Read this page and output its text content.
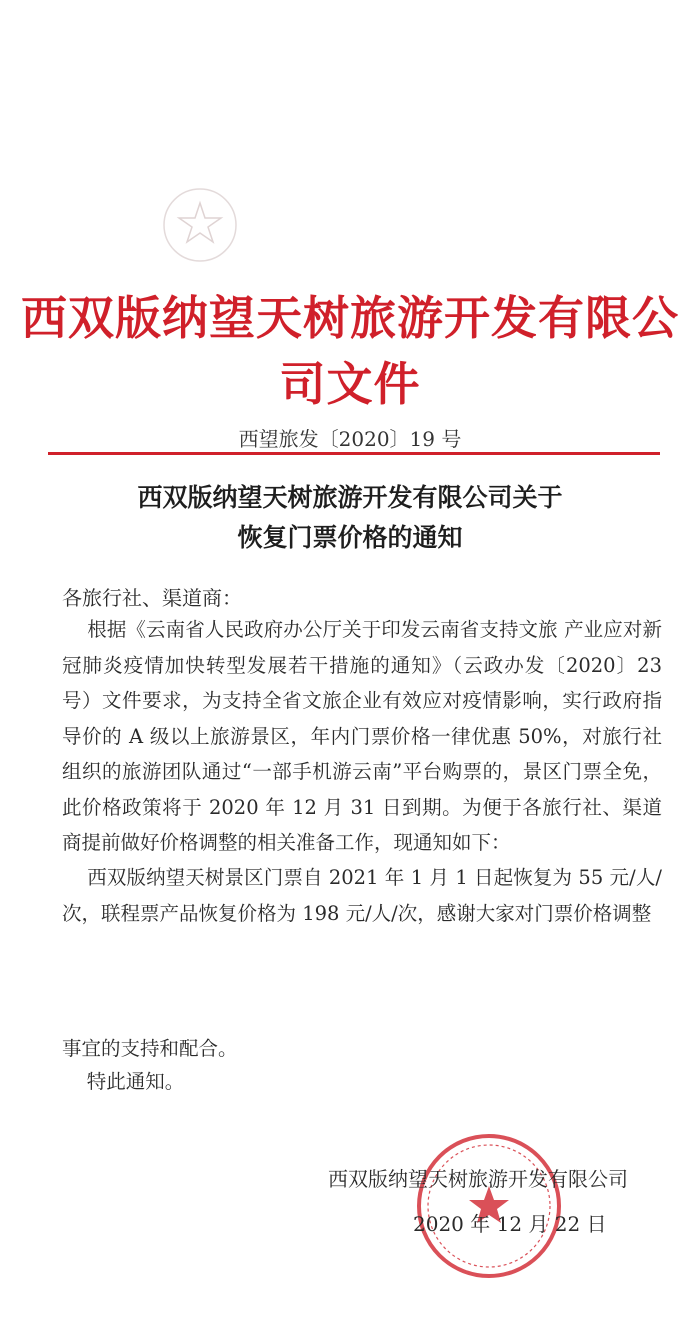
西双版纳望天树旅游开发有限公司文件
西望旅发〔2020〕19 号
西双版纳望天树旅游开发有限公司关于
恢复门票价格的通知
各旅行社、渠道商：
根据《云南省人民政府办公厅关于印发云南省支持文旅 产业应对新冠肺炎疫情加快转型发展若干措施的通知》（云政办发〔2020〕23 号）文件要求，为支持全省文旅企业有效应对疫情影响，实行政府指导价的 A 级以上旅游景区，年内门票价格一律优惠 50%，对旅行社组织的旅游团队通过“一部手机游云南”平台购票的，景区门票全免，此价格政策将于 2020 年 12 月 31 日到期。为便于各旅行社、渠道商提前做好价格调整的相关准备工作，现通知如下：
西双版纳望天树景区门票自 2021 年 1 月 1 日起恢复为 55 元/人/次，联程票产品恢复价格为 198 元/人/次，感谢大家对门票价格调整
事宜的支持和配合。
特此通知。
西双版纳望天树旅游开发有限公司
2020 年 12 月 22 日
